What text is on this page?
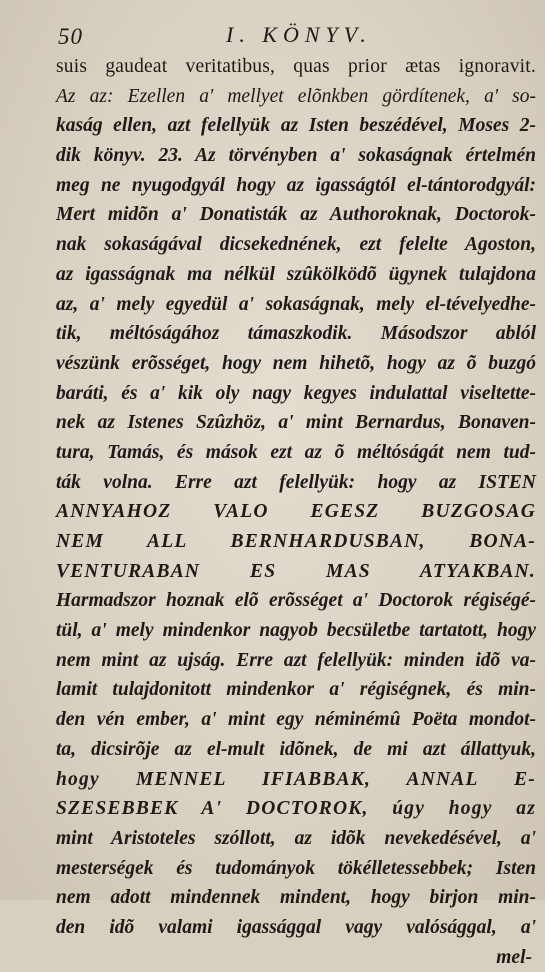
50	I. KÖNYV.
suis gaudeat veritatibus, quas prior ætas ignoravit.
Az az: Ezellen a' mellyet elõnkben gördítenek, a' so-
kaság ellen, azt felellyük az Isten beszédével, Moses 2-
dik könyv. 23. Az törvényben a' sokaságnak értelmén
meg ne nyugodgyál hogy az igasságtól el-tántorodgyál:
Mert midõn a' Donatisták az Authoroknak, Doctorok-
nak sokaságával dicsekednének, ezt felelte Agoston,
az igasságnak ma nélkül szûkölködõ ügynek tulajdona
az, a' mely egyedül a' sokaságnak, mely el-tévelyedhe-
tik, méltóságához támaszkodik. Másodszor ablól
vészünk erõsséget, hogy nem hihetõ, hogy az õ buzgó
baráti, és a' kik oly nagy kegyes indulattal viseltette-
nek az Istenes Szûzhöz, a' mint Bernardus, Bonaven-
tura, Tamás, és mások ezt az õ méltóságát nem tud-
ták volna. Erre azt felellyük: hogy az ISTEN
ANNYAHOZ VALO EGESZ BUZGOSAG
NEM ALL BERNHARDUSBAN, BONA-
VENTURABAN ES MAS ATYAKBAN.
Harmadszor hoznak elõ erõsséget a' Doctorok régiségé-
tül, a' mely mindenkor nagyob becsületbe tartatott, hogy
nem mint az ujság. Erre azt felellyük: minden idõ va-
lamit tulajdonitott mindenkor a' régiségnek, és min-
den vén ember, a' mint egy néminémû Poëta mondot-
ta, dicsirõje az el-mult idõnek, de mi azt állattyuk,
hogy MENNEL IFIABBAK, ANNAL E-
SZESEBBEK A' DOCTOROK, úgy hogy az
mint Aristoteles szóllott, az idõk nevekedésével, a'
mesterségek és tudományok tökélletessebbek; Isten
nem adott mindennek mindent, hogy birjon min-
den idõ valami igassággal vagy valósággal, a'
mel-
